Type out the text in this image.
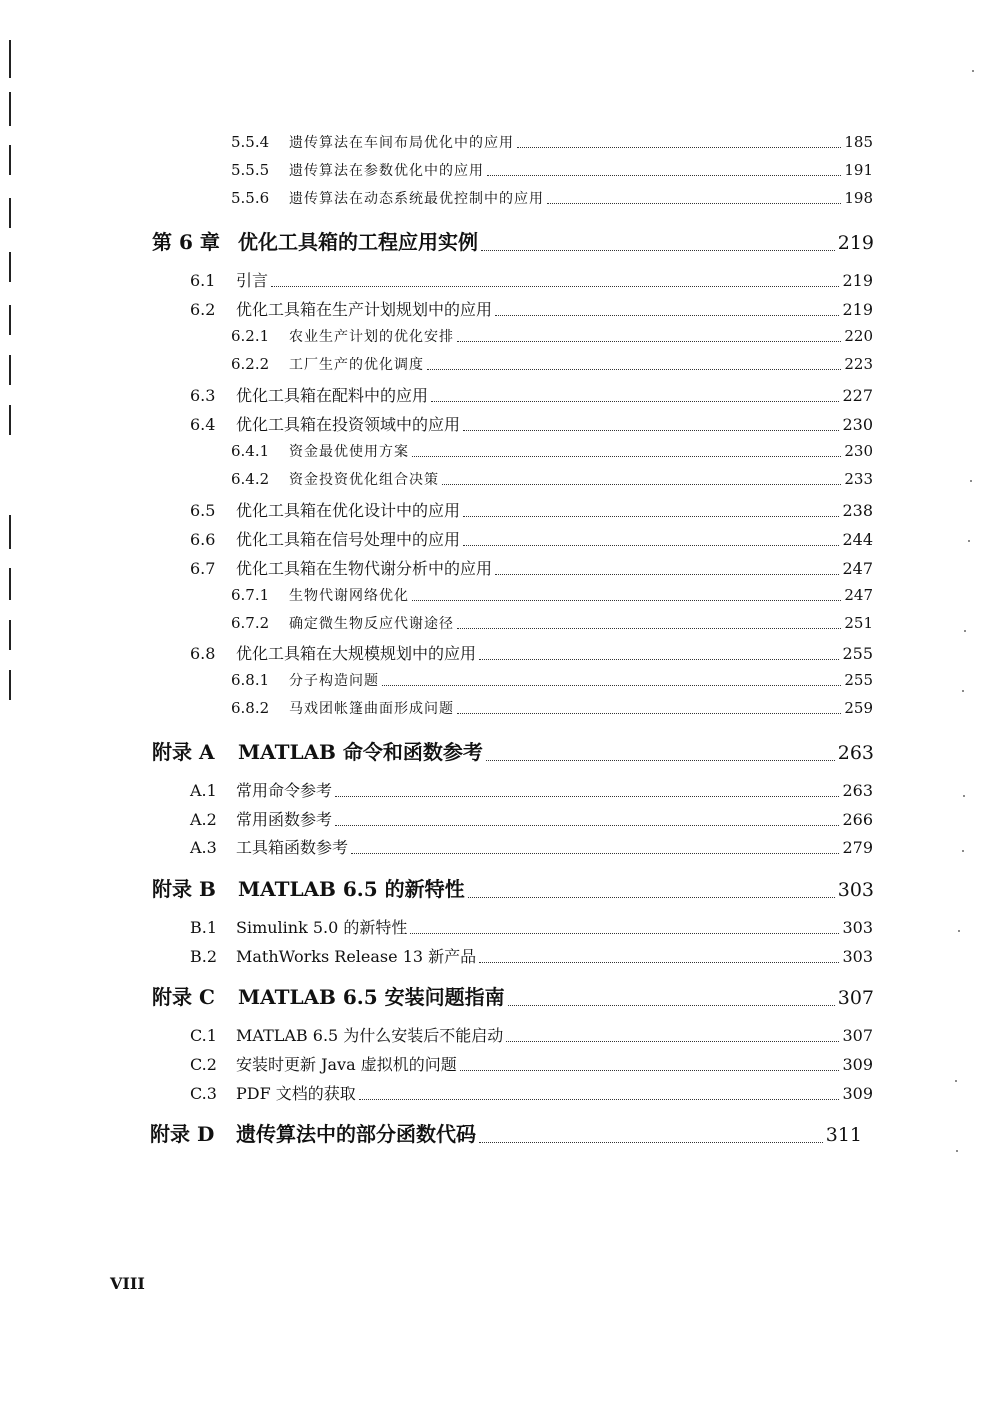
5.5.4	遗传算法在车间布局优化中的应用	185
5.5.5	遗传算法在参数优化中的应用	191
5.5.6	遗传算法在动态系统最优控制中的应用	198
第 6 章 优化工具箱的工程应用实例	219
6.1	引言	219
6.2	优化工具箱在生产计划规划中的应用	219
6.2.1	农业生产计划的优化安排	220
6.2.2	工厂生产的优化调度	223
6.3	优化工具箱在配料中的应用	227
6.4	优化工具箱在投资领域中的应用	230
6.4.1	资金最优使用方案	230
6.4.2	资金投资优化组合决策	233
6.5	优化工具箱在优化设计中的应用	238
6.6	优化工具箱在信号处理中的应用	244
6.7	优化工具箱在生物代谢分析中的应用	247
6.7.1	生物代谢网络优化	247
6.7.2	确定微生物反应代谢途径	251
6.8	优化工具箱在大规模规划中的应用	255
6.8.1	分子构造问题	255
6.8.2	马戏团帐篷曲面形成问题	259
附录 A	MATLAB 命令和函数参考	263
A.1	常用命令参考	263
A.2	常用函数参考	266
A.3	工具箱函数参考	279
附录 B	MATLAB 6.5 的新特性	303
B.1	Simulink 5.0 的新特性	303
B.2	MathWorks Release 13 新产品	303
附录 C	MATLAB 6.5 安装问题指南	307
C.1	MATLAB 6.5 为什么安装后不能启动	307
C.2	安装时更新 Java 虚拟机的问题	309
C.3	PDF 文档的获取	309
附录 D	遗传算法中的部分函数代码	311
VIII
